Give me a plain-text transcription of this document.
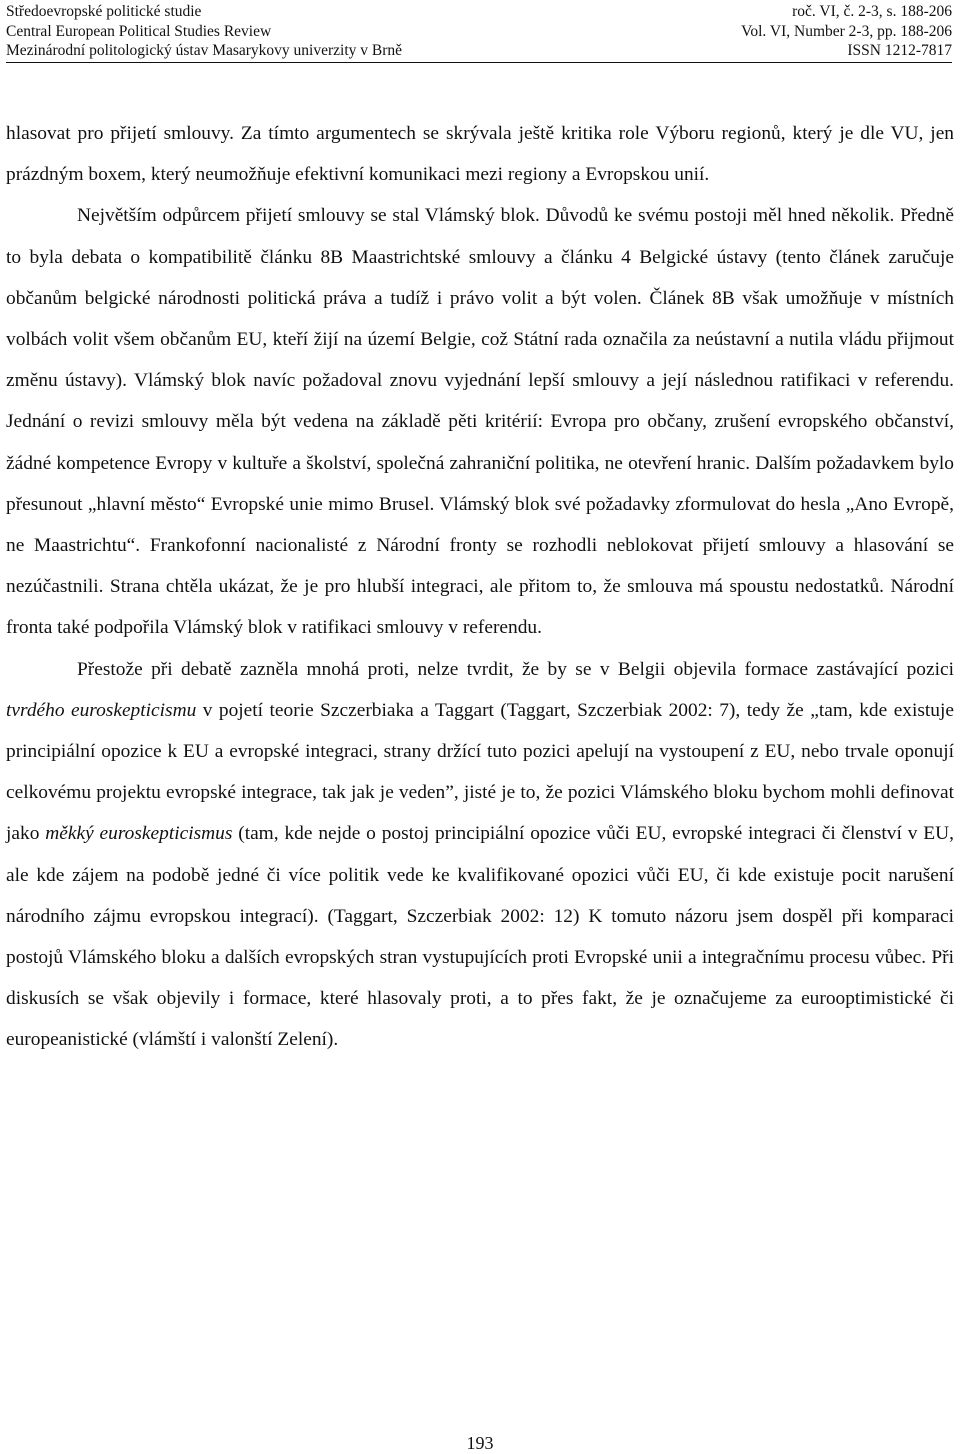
Středoevropské politické studie	roč. VI, č. 2-3, s. 188-206
Central European Political Studies Review	Vol. VI, Number 2-3, pp. 188-206
Mezinárodní politologický ústav Masarykovy univerzity v Brně	ISSN 1212-7817

hlasovat pro přijetí smlouvy. Za tímto argumentech se skrývala ještě kritika role Výboru regionů, který je dle VU, jen prázdným boxem, který neumožňuje efektivní komunikaci mezi regiony a Evropskou unií.

Největším odpůrcem přijetí smlouvy se stal Vlámský blok. Důvodů ke svému postoji měl hned několik. Předně to byla debata o kompatibilitě článku 8B Maastrichtské smlouvy a článku 4 Belgické ústavy (tento článek zaručuje občanům belgické národnosti politická práva a tudíž i právo volit a být volen. Článek 8B však umožňuje v místních volbách volit všem občanům EU, kteří žijí na území Belgie, což Státní rada označila za neústavní a nutila vládu přijmout změnu ústavy). Vlámský blok navíc požadoval znovu vyjednání lepší smlouvy a její následnou ratifikaci v referendu. Jednání o revizi smlouvy měla být vedena na základě pěti kritérií: Evropa pro občany, zrušení evropského občanství, žádné kompetence Evropy v kultuře a školství, společná zahraniční politika, ne otevření hranic. Dalším požadavkem bylo přesunout „hlavní město“ Evropské unie mimo Brusel. Vlámský blok své požadavky zformulovat do hesla „Ano Evropě, ne Maastrichtu“. Frankofonní nacionalisté z Národní fronty se rozhodli neblokovat přijetí smlouvy a hlasování se nezúčastnili. Strana chtěla ukázat, že je pro hlubší integraci, ale přitom to, že smlouva má spoustu nedostatků. Národní fronta také podpořila Vlámský blok v ratifikaci smlouvy v referendu.

Přestože při debatě zazněla mnohá proti, nelze tvrdit, že by se v Belgii objevila formace zastávající pozici tvrdého euroskepticismu v pojetí teorie Szczerbiaka a Taggart (Taggart, Szczerbiak 2002: 7), tedy že „tam, kde existuje principiální opozice k EU a evropské integraci, strany držící tuto pozici apelují na vystoupení z EU, nebo trvale oponují celkovému projektu evropské integrace, tak jak je veden”, jisté je to, že pozici Vlámského bloku bychom mohli definovat jako měkký euroskepticismus (tam, kde nejde o postoj principiální opozice vůči EU, evropské integraci či členství v EU, ale kde zájem na podobě jedné či více politik vede ke kvalifikované opozici vůči EU, či kde existuje pocit narušení národního zájmu evropskou integrací). (Taggart, Szczerbiak 2002: 12) K tomuto názoru jsem dospěl při komparaci postojů Vlámského bloku a dalších evropských stran vystupujících proti Evropské unii a integračnímu procesu vůbec. Při diskusích se však objevily i formace, které hlasovaly proti, a to přes fakt, že je označujeme za eurooptimistické či europeanistické (vlámští i valonští Zelení).

193
